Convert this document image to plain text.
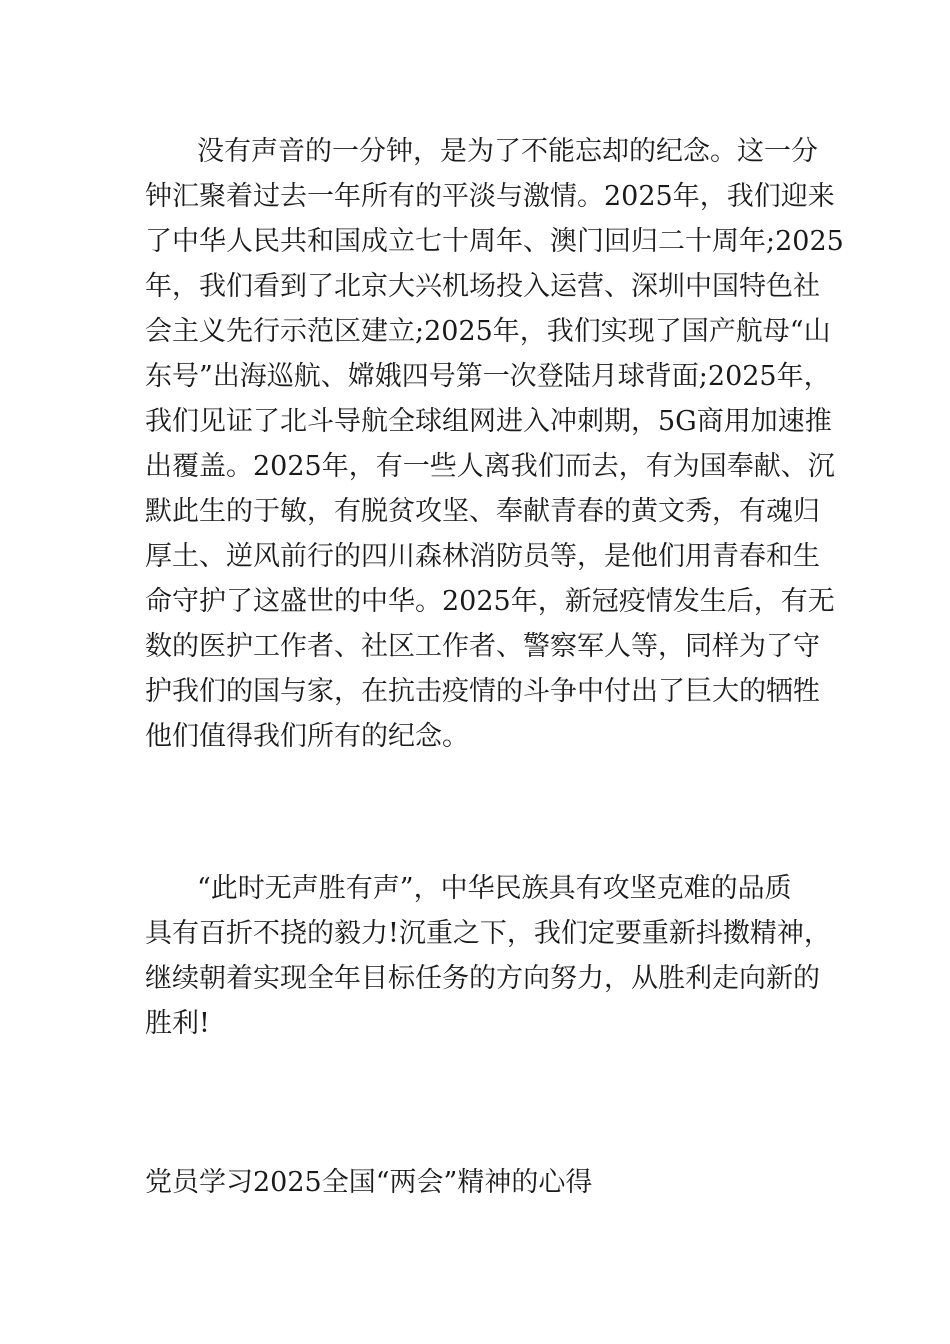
没有声音的一分钟，是为了不能忘却的纪念。这一分
钟汇聚着过去一年所有的平淡与激情。2025年，我们迎来
了中华人民共和国成立七十周年、澳门回归二十周年;2025
年，我们看到了北京大兴机场投入运营、深圳中国特色社
会主义先行示范区建立;2025年，我们实现了国产航母“山
东号”出海巡航、嫦娥四号第一次登陆月球背面;2025年，
我们见证了北斗导航全球组网进入冲刺期，5G商用加速推
出覆盖。2025年，有一些人离我们而去，有为国奉献、沉
默此生的于敏，有脱贫攻坚、奉献青春的黄文秀，有魂归
厚土、逆风前行的四川森林消防员等，是他们用青春和生
命守护了这盛世的中华。2025年，新冠疫情发生后，有无
数的医护工作者、社区工作者、警察军人等，同样为了守
护我们的国与家，在抗击疫情的斗争中付出了巨大的牺牲
他们值得我们所有的纪念。
“此时无声胜有声”，中华民族具有攻坚克难的品质
具有百折不挠的毅力!沉重之下，我们定要重新抖擞精神，
继续朝着实现全年目标任务的方向努力，从胜利走向新的
胜利!
党员学习2025全国“两会”精神的心得
